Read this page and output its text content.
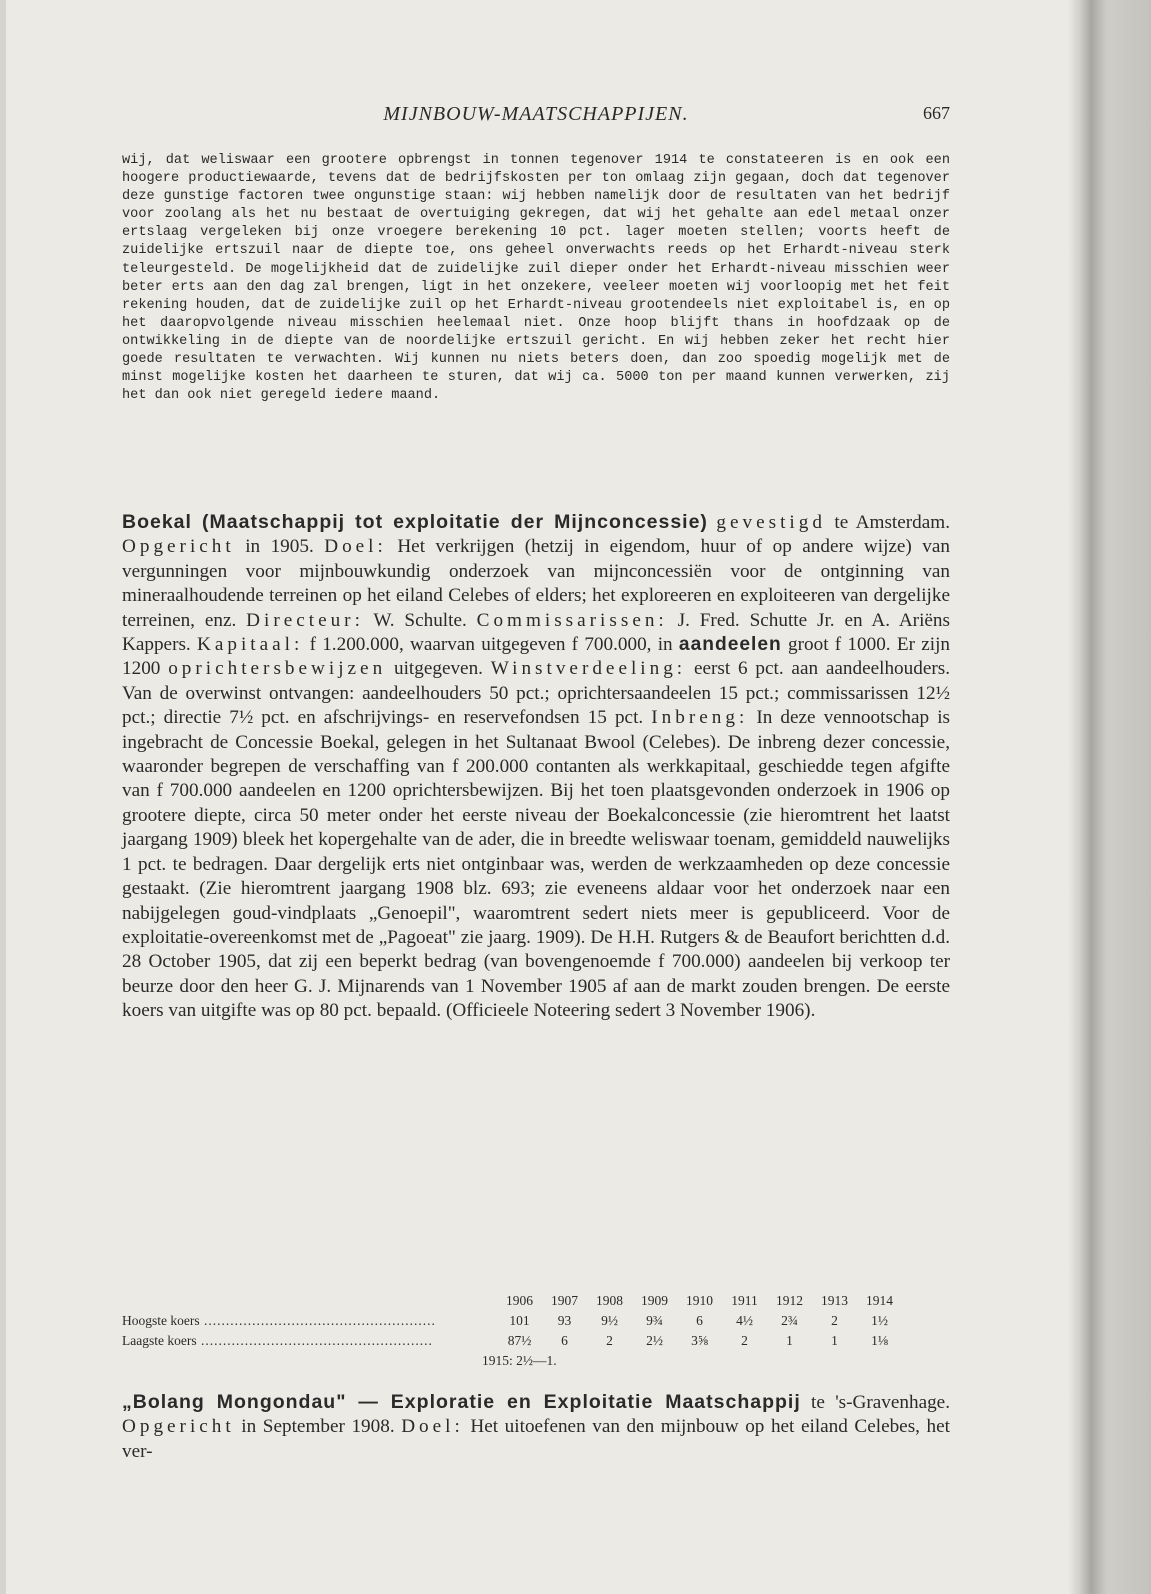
MIJNBOUW-MAATSCHAPPIJEN.	667

wij, dat weliswaar een grootere opbrengst in tonnen tegenover 1914 te constateeren is en ook een hoogere productiewaarde, tevens dat de bedrijfskosten per ton omlaag zijn gegaan, doch dat tegenover deze gunstige factoren twee ongunstige staan: wij hebben namelijk door de resultaten van het bedrijf voor zoolang als het nu bestaat de overtuiging gekregen, dat wij het gehalte aan edel metaal onzer ertslaag vergeleken bij onze vroegere berekening 10 pct. lager moeten stellen; voorts heeft de zuidelijke ertszuil naar de diepte toe, ons geheel onverwachts reeds op het Erhardt-niveau sterk teleurgesteld. De mogelijkheid dat de zuidelijke zuil dieper onder het Erhardt-niveau misschien weer beter erts aan den dag zal brengen, ligt in het onzekere, veeleer moeten wij voorloopig met het feit rekening houden, dat de zuidelijke zuil op het Erhardt-niveau grootendeels niet exploitabel is, en op het daaropvolgende niveau misschien heelemaal niet. Onze hoop blijft thans in hoofdzaak op de ontwikkeling in de diepte van de noordelijke ertszuil gericht. En wij hebben zeker het recht hier goede resultaten te verwachten. Wij kunnen nu niets beters doen, dan zoo spoedig mogelijk met de minst mogelijke kosten het daarheen te sturen, dat wij ca. 5000 ton per maand kunnen verwerken, zij het dan ook niet geregeld iedere maand.

Boekal (Maatschappij tot exploitatie der Mijnconcessie) gevestigd te Amsterdam. Opgericht in 1905. Doel: Het verkrijgen (hetzij in eigendom, huur of op andere wijze) van vergunningen voor mijnbouwkundig onderzoek van mijnconcessiën voor de ontginning van mineraalhoudende terreinen op het eiland Celebes of elders; het exploreeren en exploiteeren van dergelijke terreinen, enz. Directeur: W. Schulte. Commissarissen: J. Fred. Schutte Jr. en A. Ariëns Kappers. Kapitaal: f 1.200.000, waarvan uitgegeven f 700.000, in aandeelen groot f 1000. Er zijn 1200 oprichtersbewijzen uitgegeven. Winstverdeeling: eerst 6 pct. aan aandeelhouders. Van de overwinst ontvangen: aandeelhouders 50 pct.; oprichtersaandeelen 15 pct.; commissarissen 12½ pct.; directie 7½ pct. en afschrijvings- en reservefondsen 15 pct. Inbreng: In deze vennootschap is ingebracht de Concessie Boekal, gelegen in het Sultanaat Bwool (Celebes). De inbreng dezer concessie, waaronder begrepen de verschaffing van f 200.000 contanten als werkkapitaal, geschiedde tegen afgifte van f 700.000 aandeelen en 1200 oprichtersbewijzen. Bij het toen plaatsgevonden onderzoek in 1906 op grootere diepte, circa 50 meter onder het eerste niveau der Boekalconcessie (zie hieromtrent het laatst jaargang 1909) bleek het kopergehalte van de ader, die in breedte weliswaar toenam, gemiddeld nauwelijks 1 pct. te bedragen. Daar dergelijk erts niet ontginbaar was, werden de werkzaamheden op deze concessie gestaakt. (Zie hieromtrent jaargang 1908 blz. 693; zie eveneens aldaar voor het onderzoek naar een nabijgelegen goud-vindplaats „Genoepil", waaromtrent sedert niets meer is gepubliceerd. Voor de exploitatie-overeenkomst met de „Pagoeat" zie jaarg. 1909). De H.H. Rutgers & de Beaufort berichtten d.d. 28 October 1905, dat zij een beperkt bedrag (van bovengenoemde f 700.000) aandeelen bij verkoop ter beurze door den heer G. J. Mijnarends van 1 November 1905 af aan de markt zouden brengen. De eerste koers van uitgifte was op 80 pct. bepaald. (Officieele Noteering sedert 3 November 1906).

	1906	1907	1908	1909	1910	1911	1912	1913	1914
Hoogste koers .....................................................	101	93	9½	9¾	6	4½	2¾	2	1½
Laagste koers .....................................................	87½	6	2	2½	3⅝	2	1	1	1⅛
1915: 2½—1.

„Bolang Mongondau" — Exploratie en Exploitatie Maatschappij te 's-Gravenhage. Opgericht in September 1908. Doel: Het uitoefenen van den mijnbouw op het eiland Celebes, het ver-
